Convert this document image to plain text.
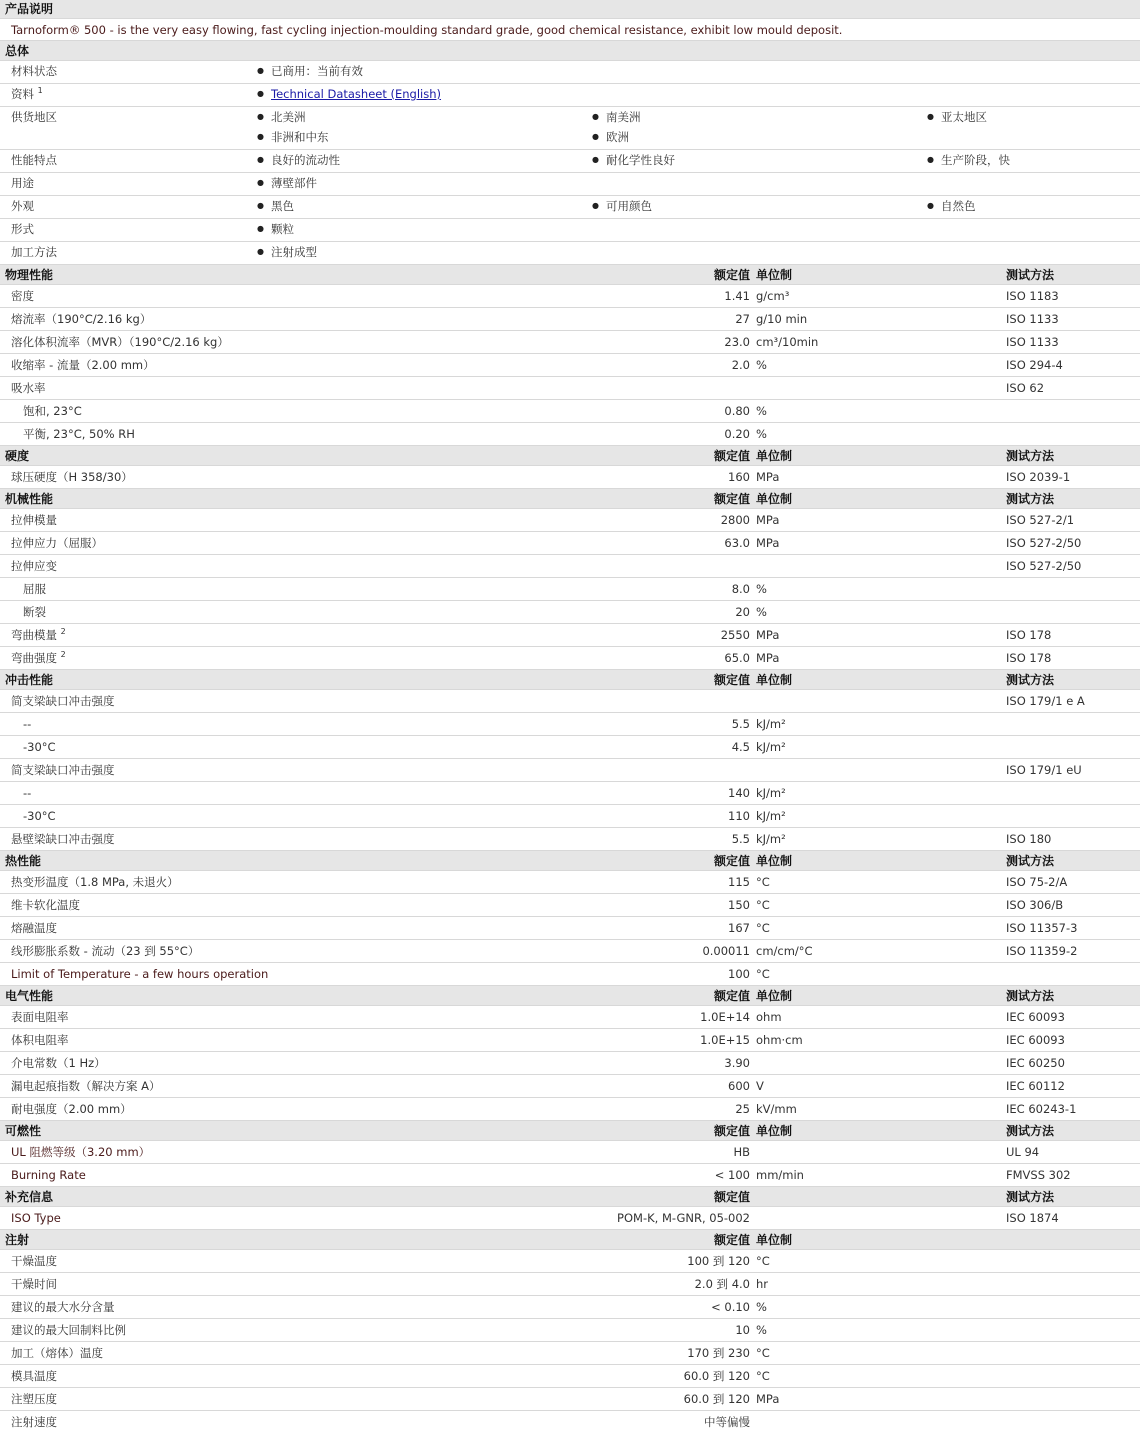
产品说明
Tarnoform® 500 - is the very easy flowing, fast cycling injection-moulding standard grade, good chemical resistance, exhibit low mould deposit.
总体
材料状态	● 已商用：当前有效
资料 $^1$	● Technical Datasheet (English)
供货地区	● 北美洲	● 南美洲	● 亚太地区
● 非洲和中东	● 欧洲
性能特点	● 良好的流动性	● 耐化学性良好	● 生产阶段，快
用途	● 薄壁部件
外观	● 黑色	● 可用颜色	● 自然色
形式	● 颗粒
加工方法	● 注射成型
物理性能	额定值 单位制	测试方法
密度	1.41 g/cm³	ISO 1183
熔流率（190°C/2.16 kg）	27 g/10 min	ISO 1133
溶化体积流率（MVR）（190°C/2.16 kg）	23.0 cm³/10min	ISO 1133
收缩率 - 流量（2.00 mm）	2.0 %	ISO 294-4
吸水率	ISO 62
饱和, 23°C	0.80 %
平衡, 23°C, 50% RH	0.20 %
硬度	额定值 单位制	测试方法
球压硬度（H 358/30）	160 MPa	ISO 2039-1
机械性能	额定值 单位制	测试方法
拉伸模量	2800 MPa	ISO 527-2/1
拉伸应力（屈服）	63.0 MPa	ISO 527-2/50
拉伸应变	ISO 527-2/50
屈服	8.0 %
断裂	20 %
弯曲模量 $^2$	2550 MPa	ISO 178
弯曲强度 $^2$	65.0 MPa	ISO 178
冲击性能	额定值 单位制	测试方法
简支梁缺口冲击强度	ISO 179/1 e A
--	5.5 kJ/m²
-30°C	4.5 kJ/m²
简支梁缺口冲击强度	ISO 179/1 eU
--	140 kJ/m²
-30°C	110 kJ/m²
悬壁梁缺口冲击强度	5.5 kJ/m²	ISO 180
热性能	额定值 单位制	测试方法
热变形温度（1.8 MPa, 未退火）	115 °C	ISO 75-2/A
维卡软化温度	150 °C	ISO 306/B
熔融温度	167 °C	ISO 11357-3
线形膨胀系数 - 流动（23 到 55°C）	0.00011 cm/cm/°C	ISO 11359-2
Limit of Temperature - a few hours operation	100 °C
电气性能	额定值 单位制	测试方法
表面电阻率	1.0E+14 ohm	IEC 60093
体积电阻率	1.0E+15 ohm·cm	IEC 60093
介电常数（1 Hz）	3.90	IEC 60250
漏电起痕指数（解决方案 A）	600 V	IEC 60112
耐电强度（2.00 mm）	25 kV/mm	IEC 60243-1
可燃性	额定值 单位制	测试方法
UL 阻燃等级（3.20 mm）	HB	UL 94
Burning Rate	< 100 mm/min	FMVSS 302
补充信息	额定值	测试方法
ISO Type	POM-K, M-GNR, 05-002	ISO 1874
注射	额定值 单位制
干燥温度	100 到 120 °C
干燥时间	2.0 到 4.0 hr
建议的最大水分含量	< 0.10 %
建议的最大回制料比例	10 %
加工（熔体）温度	170 到 230 °C
模具温度	60.0 到 120 °C
注塑压度	60.0 到 120 MPa
注射速度	中等偏慢
